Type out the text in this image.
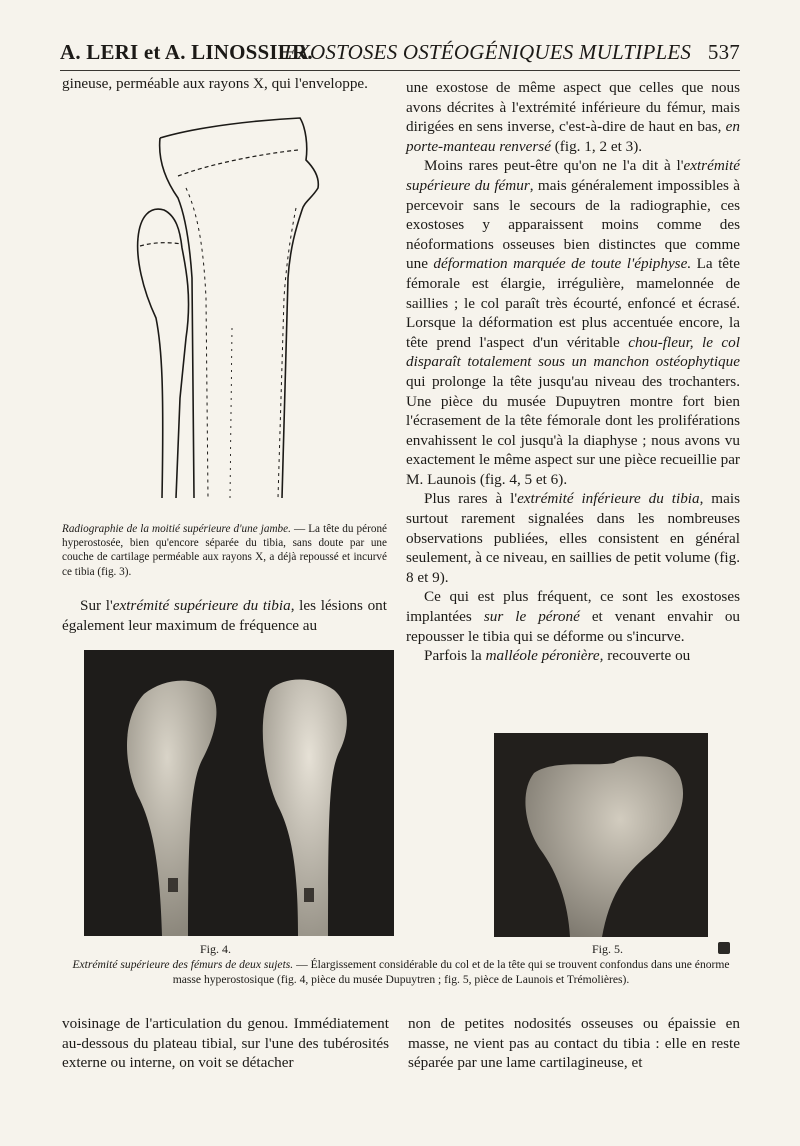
A. LERI et A. LINOSSIER.
EXOSTOSES OSTÉOGÉNIQUES MULTIPLES 537

gineuse, perméable aux rayons X, qui l'enveloppe.

Radiographie de la moitié supérieure d'une jambe. — La tête du péroné hyperostosée, bien qu'encore séparée du tibia, sans doute par une couche de cartilage perméable aux rayons X, a déjà repoussé et incurvé ce tibia (fig. 3).

Sur l'extrémité supérieure du tibia, les lésions ont également leur maximum de fréquence au

une exostose de même aspect que celles que nous avons décrites à l'extrémité inférieure du fémur, mais dirigées en sens inverse, c'est-à-dire de haut en bas, en porte-manteau renversé (fig. 1, 2 et 3).

Moins rares peut-être qu'on ne l'a dit à l'extrémité supérieure du fémur, mais généralement impossibles à percevoir sans le secours de la radiographie, ces exostoses y apparaissent moins comme des néoformations osseuses bien distinctes que comme une déformation marquée de toute l'épiphyse. La tête fémorale est élargie, irrégulière, mamelonnée de saillies ; le col paraît très écourté, enfoncé et écrasé. Lorsque la déformation est plus accentuée encore, la tête prend l'aspect d'un véritable chou-fleur, le col disparaît totalement sous un manchon ostéophytique qui prolonge la tête jusqu'au niveau des trochanters. Une pièce du musée Dupuytren montre fort bien l'écrasement de la tête fémorale dont les proliférations envahissent le col jusqu'à la diaphyse ; nous avons vu exactement le même aspect sur une pièce recueillie par M. Launois (fig. 4, 5 et 6).

Plus rares à l'extrémité inférieure du tibia, mais surtout rarement signalées dans les nombreuses observations publiées, elles consistent en général seulement, à ce niveau, en saillies de petit volume (fig. 8 et 9).

Ce qui est plus fréquent, ce sont les exostoses implantées sur le péroné et venant envahir ou repousser le tibia qui se déforme ou s'incurve.

Parfois la malléole péronière, recouverte ou

Fig. 4.	Fig. 5.
Extrémité supérieure des fémurs de deux sujets. — Élargissement considérable du col et de la tête qui se trouvent confondus dans une énorme masse hyperostosique (fig. 4, pièce du musée Dupuytren ; fig. 5, pièce de Launois et Trémolières).

voisinage de l'articulation du genou. Immédiatement au-dessous du plateau tibial, sur l'une des tubérosités externe ou interne, on voit se détacher

non de petites nodosités osseuses ou épaissie en masse, ne vient pas au contact du tibia : elle en reste séparée par une lame cartilagineuse, et
